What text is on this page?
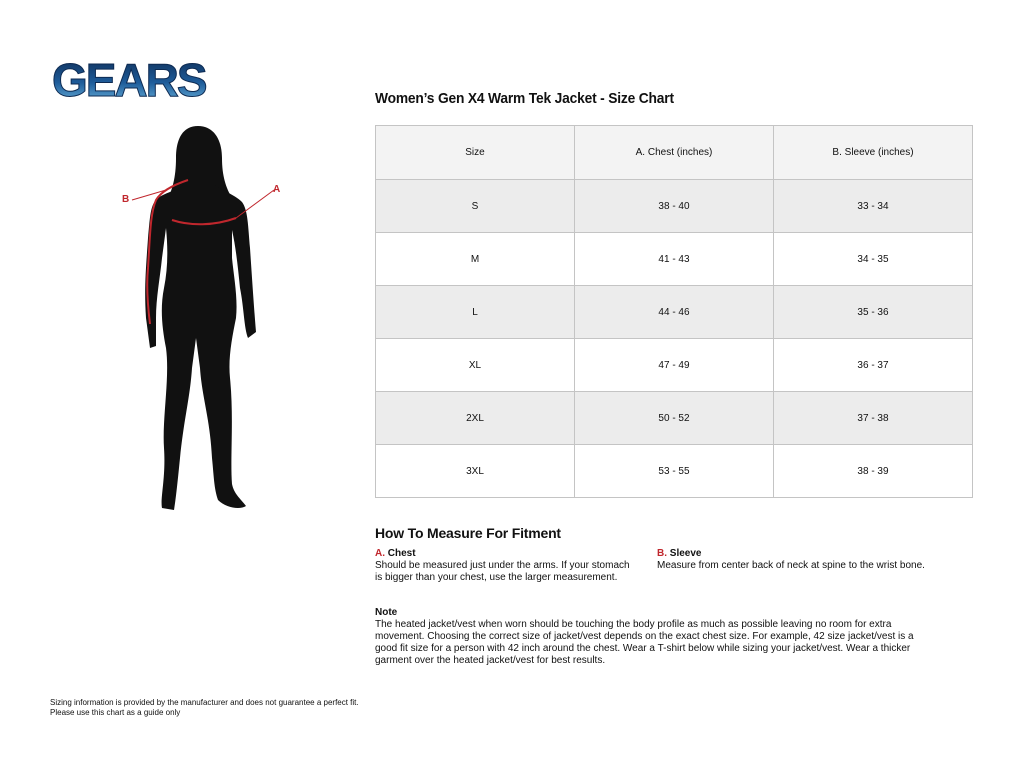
GEARS
A
B
Women’s Gen X4 Warm Tek Jacket - Size Chart
Size	A. Chest (inches)	B. Sleeve (inches)
S	38 - 40	33 - 34
M	41 - 43	34 - 35
L	44 - 46	35 - 36
XL	47 - 49	36 - 37
2XL	50 - 52	37 - 38
3XL	53 - 55	38 - 39
How To Measure For Fitment
A. Chest
Should be measured just under the arms. If your stomach is bigger than your chest, use the larger measurement.
B. Sleeve
Measure from center back of neck at spine to the wrist bone.
Note
The heated jacket/vest when worn should be touching the body profile as much as possible leaving no room for extra movement. Choosing the correct size of jacket/vest depends on the exact chest size. For example, 42 size jacket/vest is a good fit size for a person with 42 inch around the chest. Wear a T-shirt below while sizing your jacket/vest. Wear a thicker garment over the heated jacket/vest for best results.
Sizing information is provided by the manufacturer and does not guarantee a perfect fit.
Please use this chart as a guide only
